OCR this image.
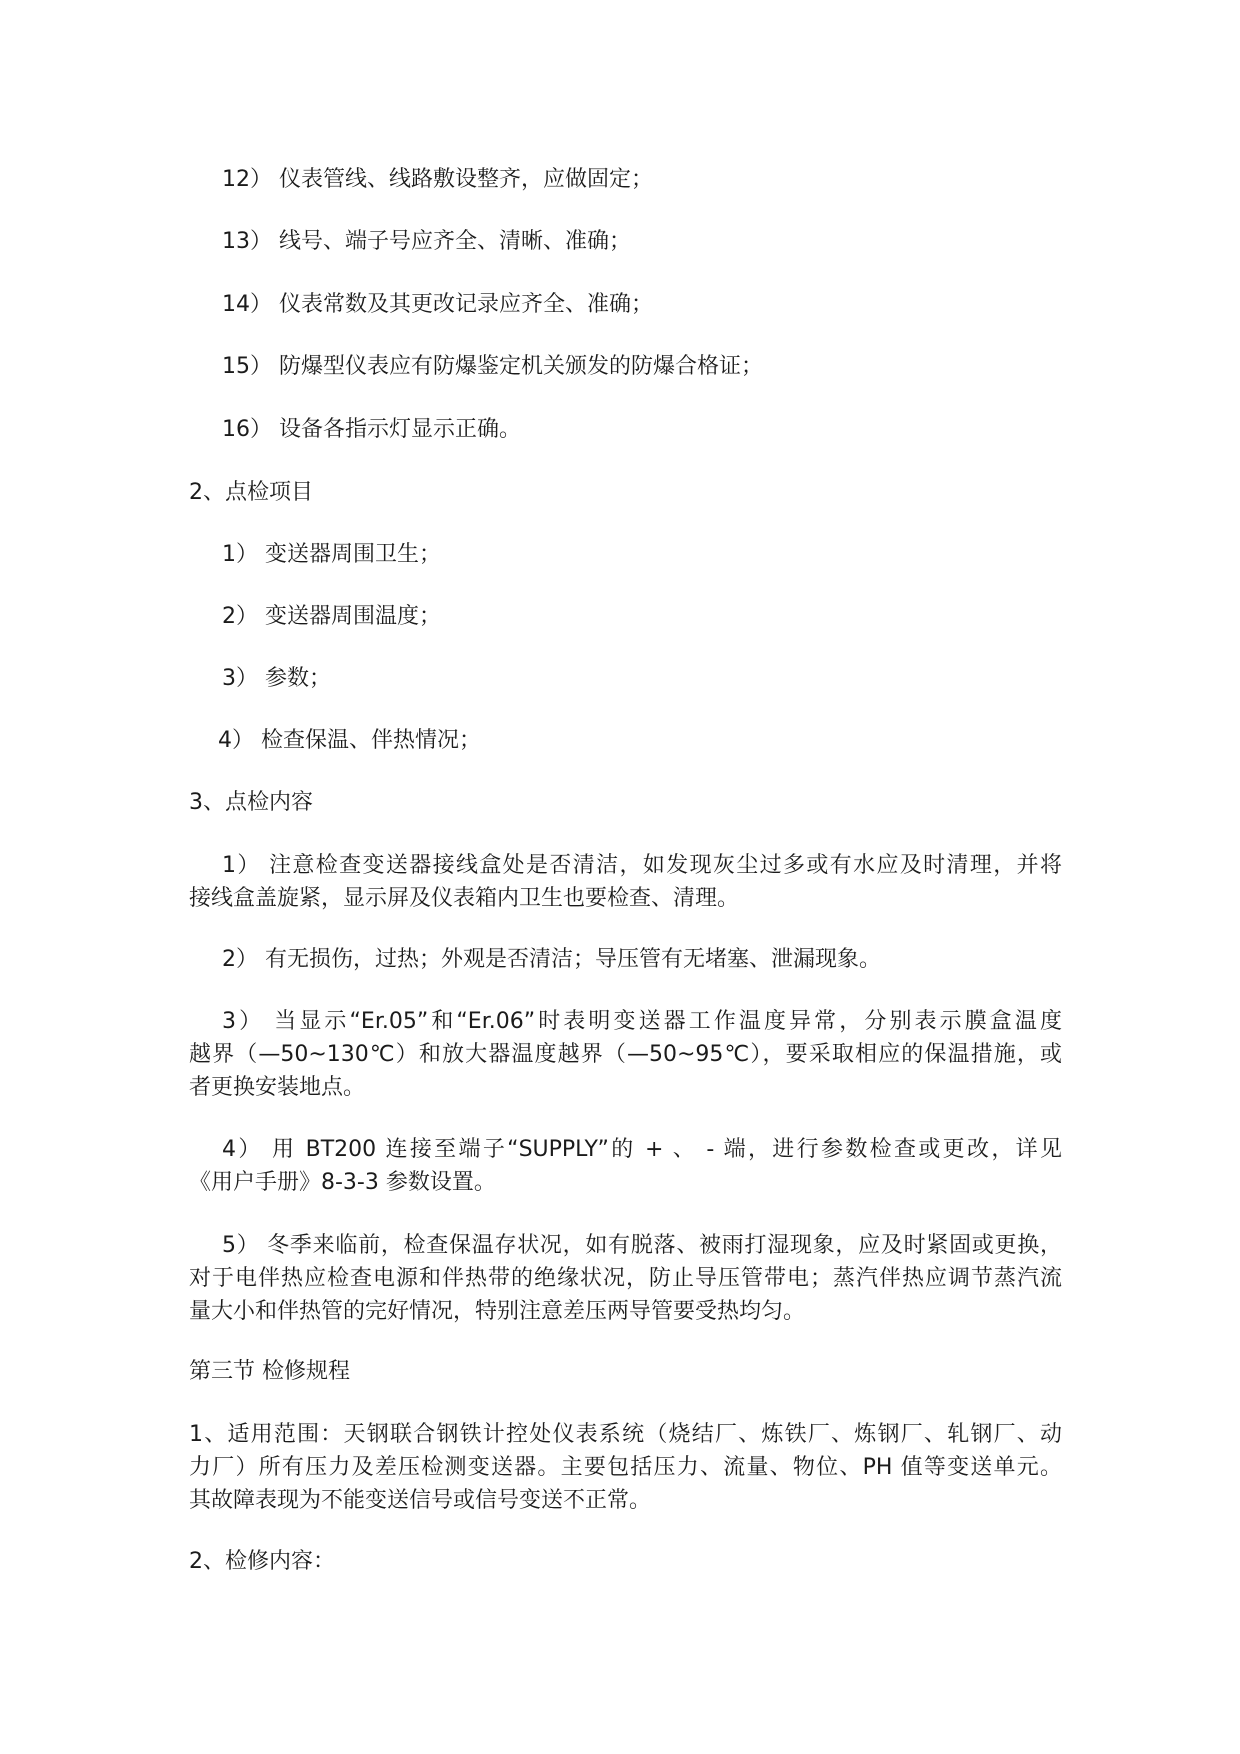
12） 仪表管线、线路敷设整齐，应做固定；
13） 线号、端子号应齐全、清晰、准确；
14） 仪表常数及其更改记录应齐全、准确；
15） 防爆型仪表应有防爆鉴定机关颁发的防爆合格证；
16） 设备各指示灯显示正确。
2、点检项目
1） 变送器周围卫生；
2） 变送器周围温度；
3） 参数；
4） 检查保温、伴热情况；
3、点检内容
1） 注意检查变送器接线盒处是否清洁，如发现灰尘过多或有水应及时清理，并将
接线盒盖旋紧，显示屏及仪表箱内卫生也要检查、清理。
2） 有无损伤，过热；外观是否清洁；导压管有无堵塞、泄漏现象。
3） 当显示“Er.05”和“Er.06”时表明变送器工作温度异常，分别表示膜盒温度
越界（—50~130℃）和放大器温度越界（—50~95℃），要采取相应的保温措施，或
者更换安装地点。
4） 用 BT200 连接至端子“SUPPLY”的 + 、 - 端，进行参数检查或更改，详见
《用户手册》8-3-3 参数设置。
5） 冬季来临前，检查保温存状况，如有脱落、被雨打湿现象，应及时紧固或更换，
对于电伴热应检查电源和伴热带的绝缘状况，防止导压管带电；蒸汽伴热应调节蒸汽流
量大小和伴热管的完好情况，特别注意差压两导管要受热均匀。
第三节 检修规程
1、适用范围：天钢联合钢铁计控处仪表系统（烧结厂、炼铁厂、炼钢厂、轧钢厂、动
力厂）所有压力及差压检测变送器。主要包括压力、流量、物位、PH 值等变送单元。
其故障表现为不能变送信号或信号变送不正常。
2、检修内容：
